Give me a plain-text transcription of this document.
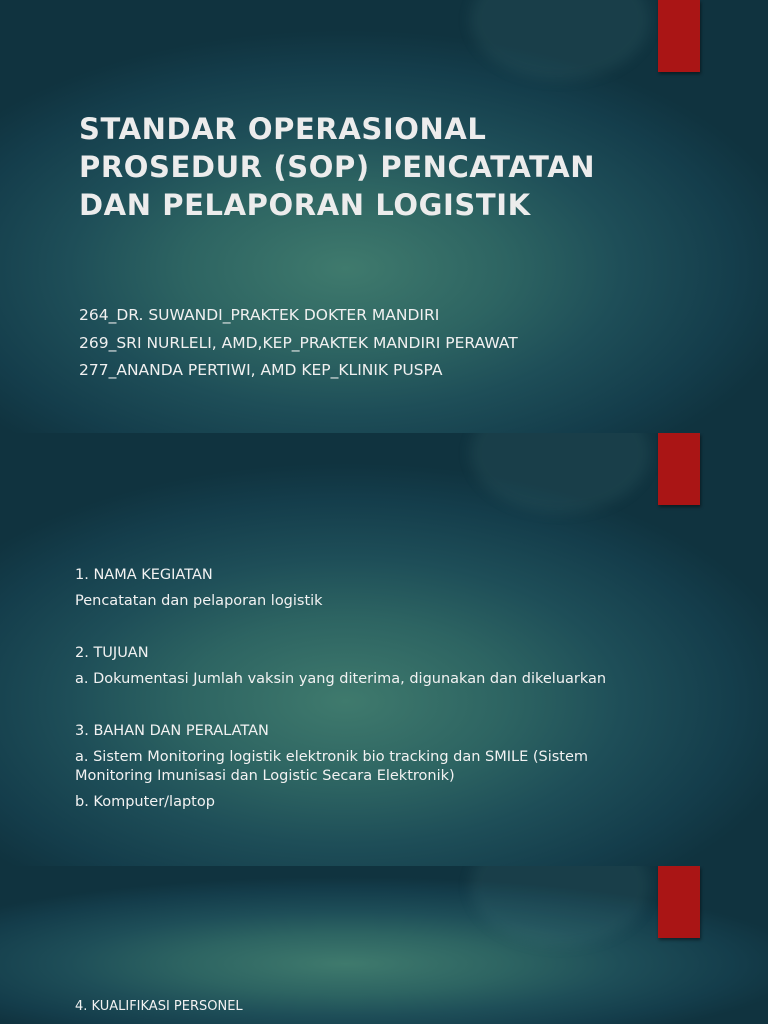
STANDAR OPERASIONAL PROSEDUR (SOP) PENCATATAN DAN PELAPORAN LOGISTIK
264_DR. SUWANDI_PRAKTEK DOKTER MANDIRI
269_SRI NURLELI, AMD,KEP_PRAKTEK MANDIRI PERAWAT
277_ANANDA PERTIWI, AMD KEP_KLINIK PUSPA
1. NAMA KEGIATAN
Pencatatan dan pelaporan logistik
2. TUJUAN
a. Dokumentasi Jumlah vaksin yang diterima, digunakan dan dikeluarkan
3. BAHAN DAN PERALATAN
a. Sistem Monitoring logistik elektronik bio tracking dan SMILE (Sistem Monitoring Imunisasi dan Logistic Secara Elektronik)
b. Komputer/laptop
4. KUALIFIKASI PERSONEL
